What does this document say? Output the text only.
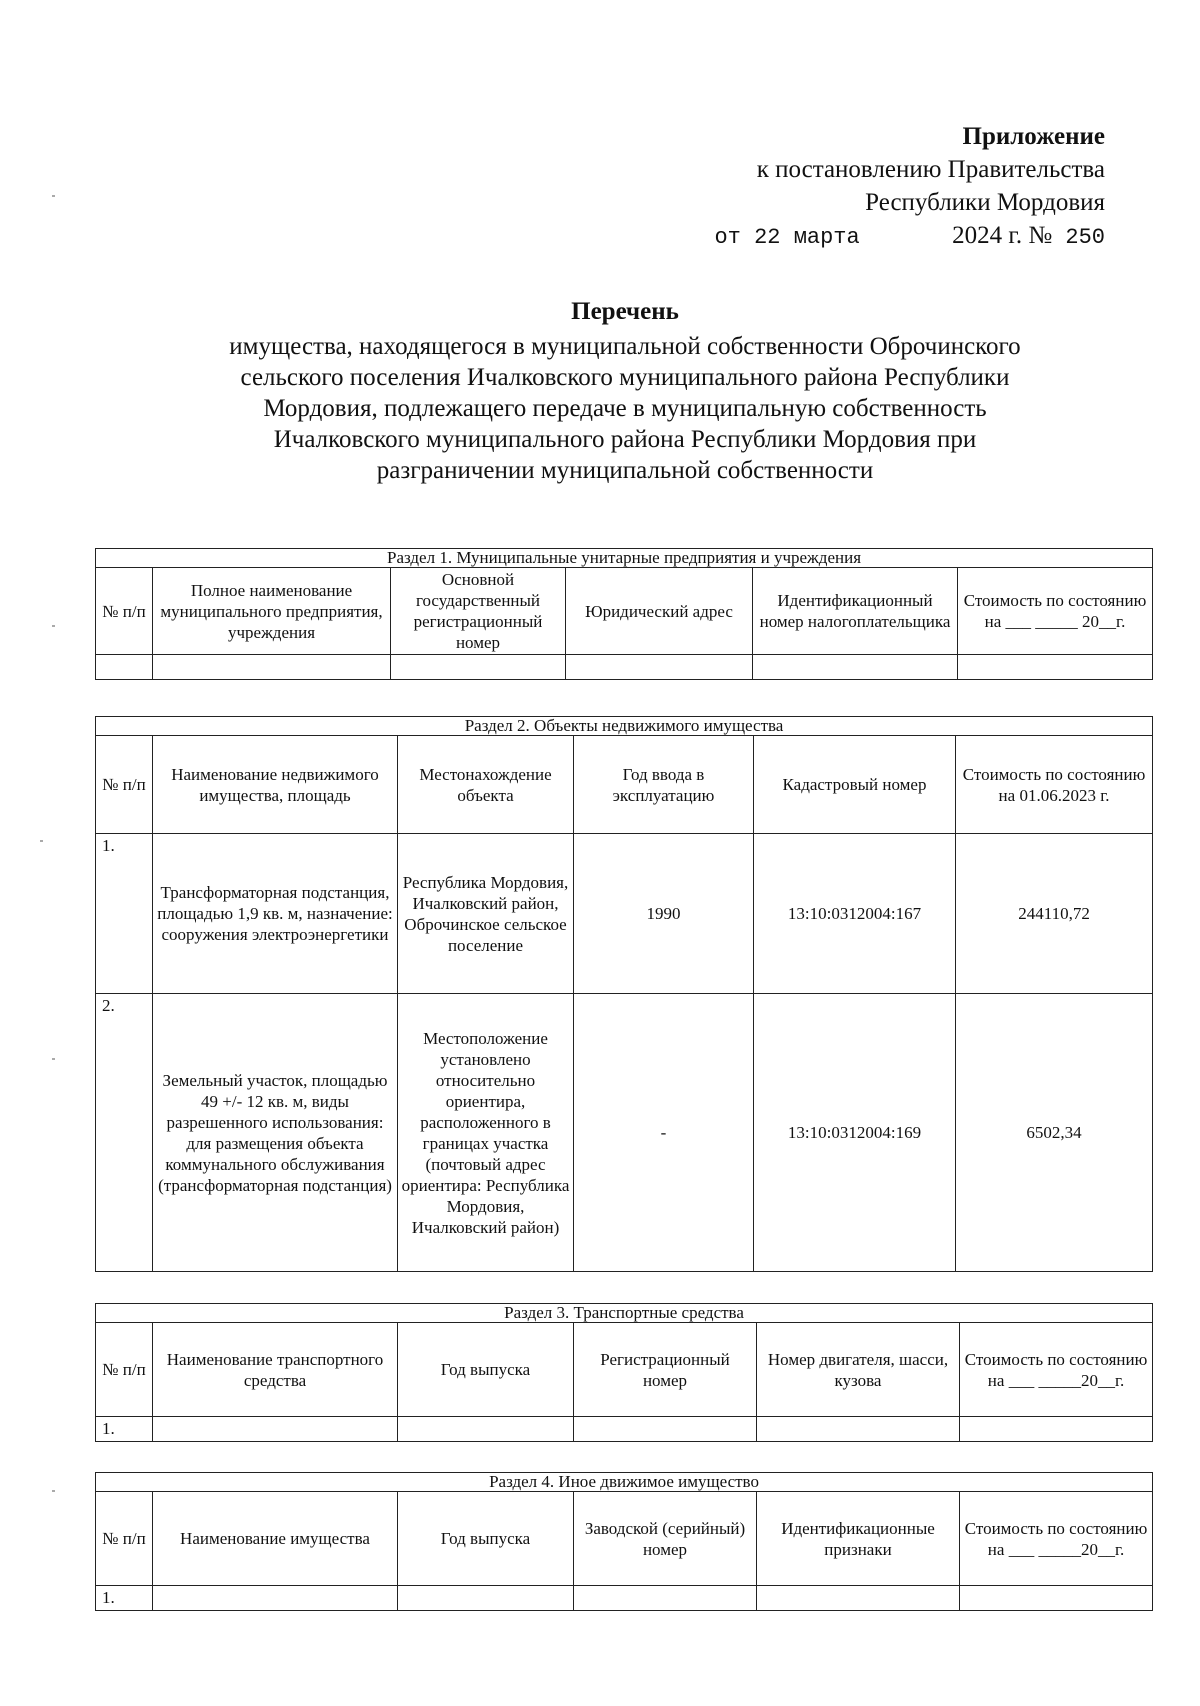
Приложение
к постановлению Правительства
Республики Мордовия
от 22 марта	2024 г. № 250
Перечень
имущества, находящегося в муниципальной собственности Оброчинского
сельского поселения Ичалковского муниципального района Республики
Мордовия, подлежащего передаче в муниципальную собственность
Ичалковского муниципального района Республики Мордовия при
разграничении муниципальной собственности
Раздел 1. Муниципальные унитарные предприятия и учреждения					
№ п/п	Полное наименование муниципального предприятия, учреждения	Основной государственный регистрационный номер	Юридический адрес	Идентификационный номер налогоплательщика	Стоимость по состоянию на ___ _____ 20__г.

Раздел 2. Объекты недвижимого имущества					
№ п/п	Наименование недвижимого имущества, площадь	Местонахождение объекта	Год ввода в эксплуатацию	Кадастровый номер	Стоимость по состоянию на 01.06.2023 г.
1.	Трансформаторная подстанция, площадью 1,9 кв. м, назначение: сооружения электроэнергетики	Республика Мордовия, Ичалковский район, Оброчинское сельское поселение	1990	13:10:0312004:167	244110,72
2.	Земельный участок, площадью 49 +/- 12 кв. м, виды разрешенного использования: для размещения объекта коммунального обслуживания (трансформаторная подстанция)	Местоположение установлено относительно ориентира, расположенного в границах участка (почтовый адрес ориентира: Республика Мордовия, Ичалковский район)	-	13:10:0312004:169	6502,34
Раздел 3. Транспортные средства					
№ п/п	Наименование транспортного средства	Год выпуска	Регистрационный номер	Номер двигателя, шасси, кузова	Стоимость по состоянию на ___ _____20__г.
1.					
Раздел 4. Иное движимое имущество					
№ п/п	Наименование имущества	Год выпуска	Заводской (серийный) номер	Идентификационные признаки	Стоимость по состоянию на ___ _____20__г.
1.					
